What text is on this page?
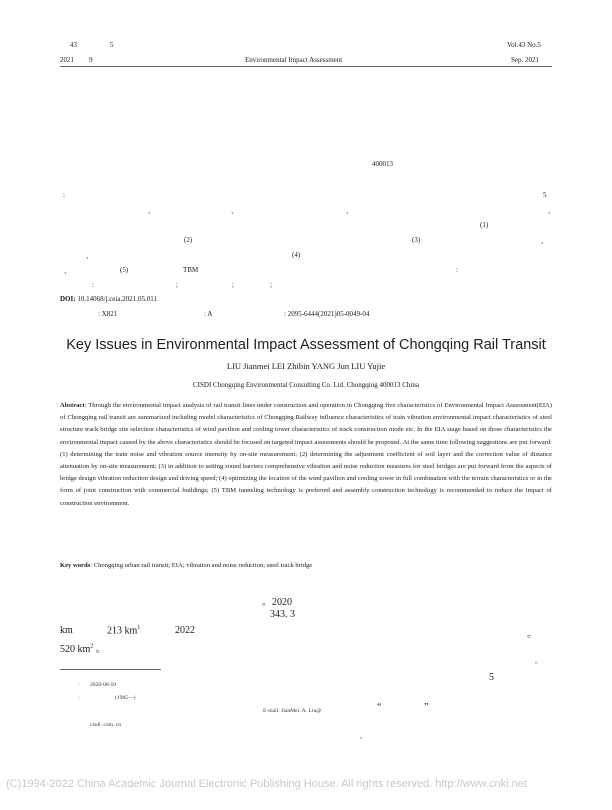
43	5
2021 9	Environmental Impact Assessment
Vol.43 No.5
Sep. 2021
400013
:	5
、	、	、	、
(1)
(2)	(3)	、
、	(4)
、	(5)	TBM
:	;	;	;
:
DOI: 10.14068/j.ceia.2021.05.011
: X821	: A	: 2095-6444(2021)05-0049-04
Key Issues in Environmental Impact Assessment of Chongqing Rail Transit
LIU Jianmei LEI Zhibin YANG Jun LIU Yujie
CISDI Chongqing Environmental Consulting Co. Ltd. Chongqing 400013 China
Abstract: Through the environmental impact analysis of rail transit lines under construction and operation in Chongqing five characteristics of Environmental Impact Assessment(EIA) of Chongqing rail transit are summarized including model characteristics of Chongqing Railway influence characteristics of train vibration environmental impact characteristics of steel structure track bridge site selection characteristics of wind pavilion and cooling tower characteristics of track construction mode etc. In the EIA stage based on those characteristics the environmental impact caused by the above characteristics should be focused on targeted impact assessments should be proposed. At the same time following suggestions are put forward: (1) determining the train noise and vibration source intensity by on-site measurement; (2) determining the adjustment coefficient of soil layer and the correction value of distance attenuation by on-site measurement; (3) in addition to setting sound barriers comprehensive vibration and noise reduction measures for steel bridges are put forward from the aspects of bridge design vibration reduction design and driving speed; (4) optimizing the location of the wind pavilion and cooling tower in full combination with the terrain characteristics or in the form of joint construction with commercial buildings; (5) TBM tunneling technology is preferred and assembly construction technology is recommended to reduce the impact of construction environment.
Key words: Chongqing urban rail transit; EIA; vibration and noise reduction; steel track bridge
。2020
343. 3
km	213 $km^1$	2022	。
520 $km^2$ 。
。
5
“	”
。
: 2020-08-10
:	(1985—)
E-mail: JianMei. A. Liu@
cisdi. com. cn
(C)1994-2022 China Academic Journal Electronic Publishing House. All rights reserved. http://www.cnki.net
